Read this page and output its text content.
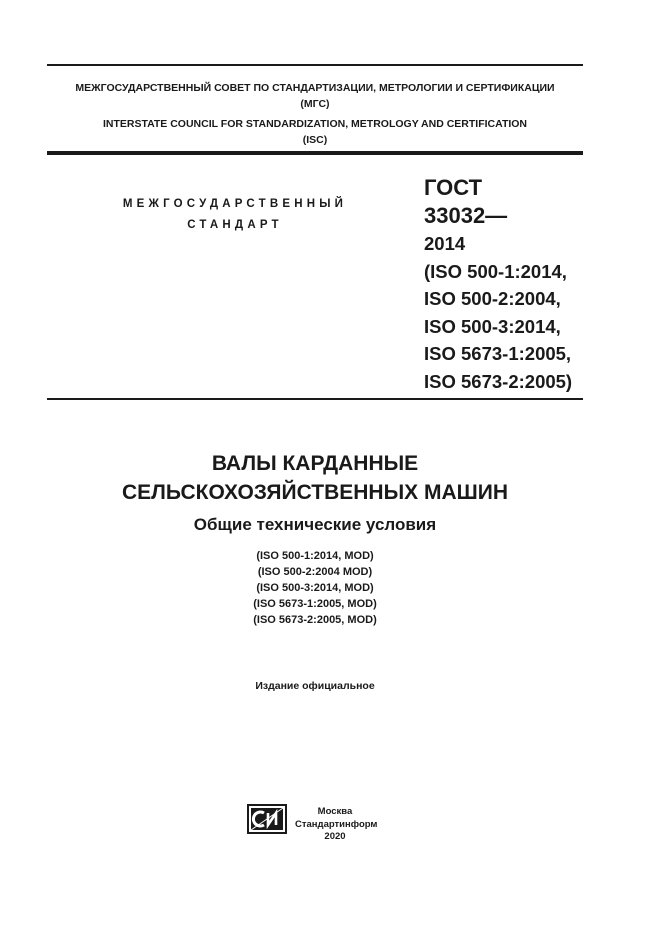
МЕЖГОСУДАРСТВЕННЫЙ СОВЕТ ПО СТАНДАРТИЗАЦИИ, МЕТРОЛОГИИ И СЕРТИФИКАЦИИ
(МГС)
INTERSTATE COUNCIL FOR STANDARDIZATION, METROLOGY AND CERTIFICATION
(ISC)
МЕЖГОСУДАРСТВЕННЫЙ
СТАНДАРТ
ГОСТ
33032—
2014
(ISO 500-1:2014,
ISO 500-2:2004,
ISO 500-3:2014,
ISO 5673-1:2005,
ISO 5673-2:2005)
ВАЛЫ КАРДАННЫЕ
СЕЛЬСКОХОЗЯЙСТВЕННЫХ МАШИН
Общие технические условия
(ISO 500-1:2014, MOD)
(ISO 500-2:2004 MOD)
(ISO 500-3:2014, MOD)
(ISO 5673-1:2005, MOD)
(ISO 5673-2:2005, MOD)
Издание официальное
Москва
Стандартинформ
2020
